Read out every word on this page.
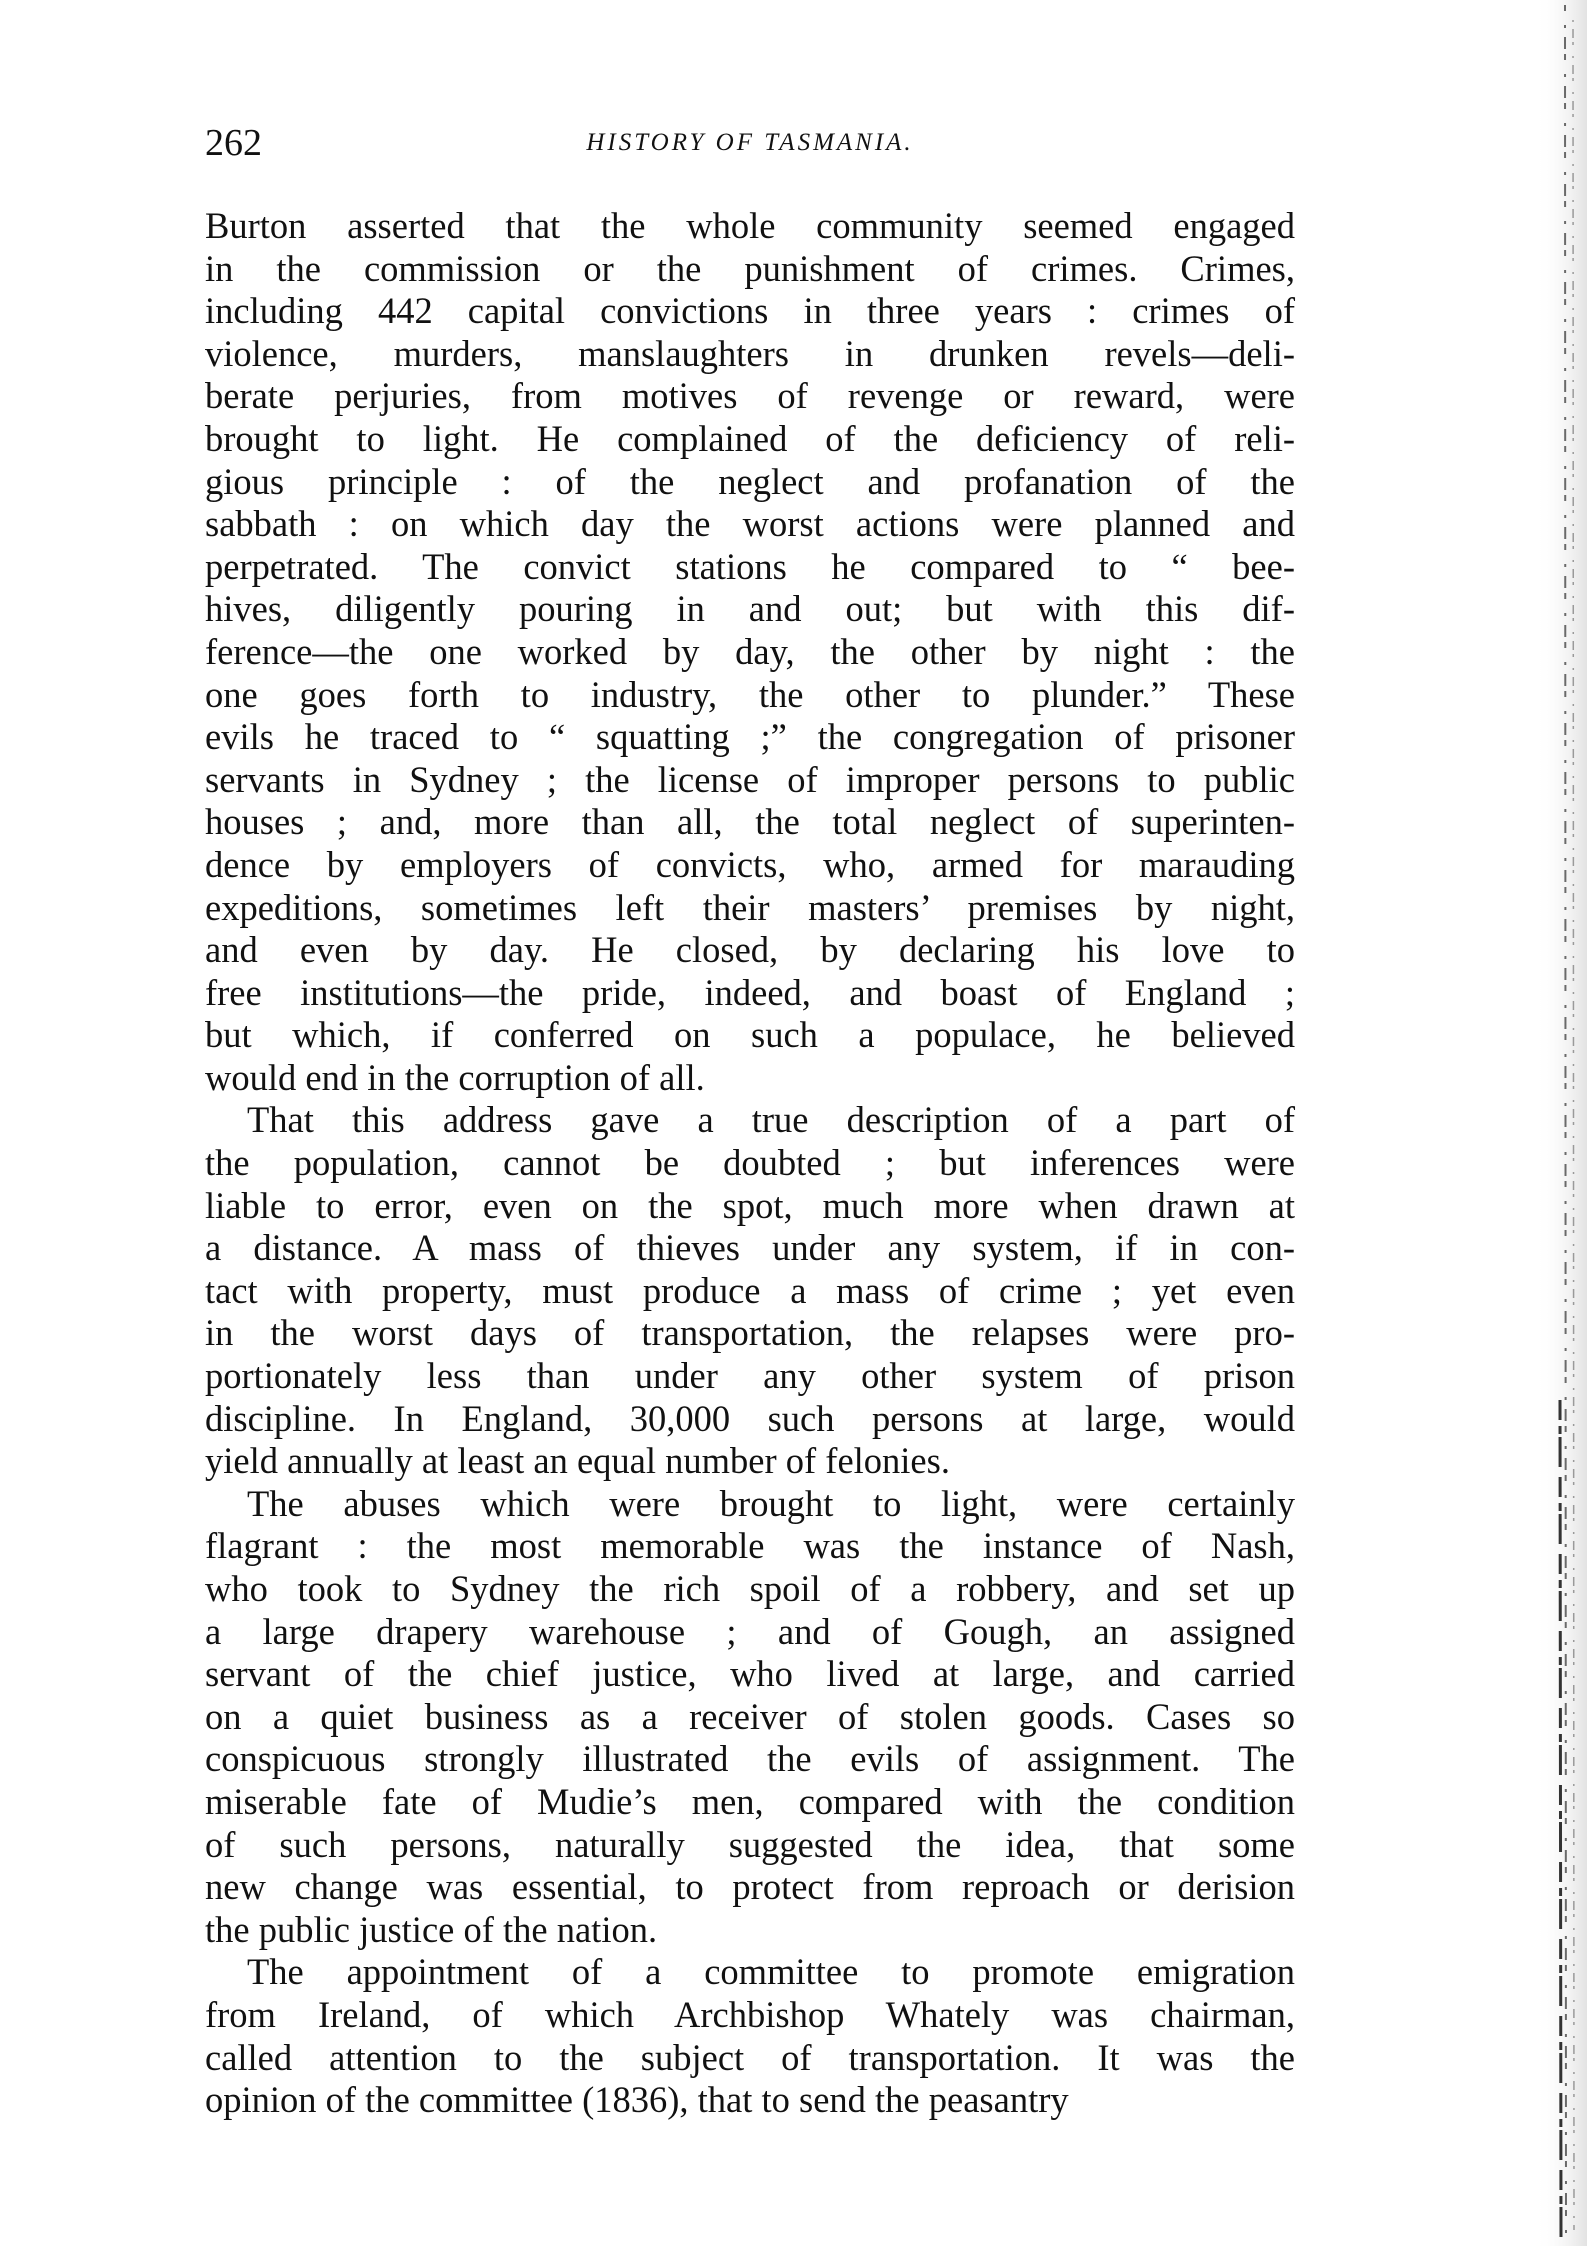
262	HISTORY OF TASMANIA.
Burton asserted that the whole community seemed engaged
in the commission or the punishment of crimes. Crimes,
including 442 capital convictions in three years : crimes of
violence, murders, manslaughters in drunken revels—deli-
berate perjuries, from motives of revenge or reward, were
brought to light. He complained of the deficiency of reli-
gious principle : of the neglect and profanation of the
sabbath : on which day the worst actions were planned and
perpetrated. The convict stations he compared to “ bee-
hives, diligently pouring in and out; but with this dif-
ference—the one worked by day, the other by night : the
one goes forth to industry, the other to plunder.” These
evils he traced to “ squatting ;” the congregation of prisoner
servants in Sydney ; the license of improper persons to public
houses ; and, more than all, the total neglect of superinten-
dence by employers of convicts, who, armed for marauding
expeditions, sometimes left their masters’ premises by night,
and even by day. He closed, by declaring his love to
free institutions—the pride, indeed, and boast of England ;
but which, if conferred on such a populace, he believed
would end in the corruption of all.
That this address gave a true description of a part of
the population, cannot be doubted ; but inferences were
liable to error, even on the spot, much more when drawn at
a distance. A mass of thieves under any system, if in con-
tact with property, must produce a mass of crime ; yet even
in the worst days of transportation, the relapses were pro-
portionately less than under any other system of prison
discipline. In England, 30,000 such persons at large, would
yield annually at least an equal number of felonies.
The abuses which were brought to light, were certainly
flagrant : the most memorable was the instance of Nash,
who took to Sydney the rich spoil of a robbery, and set up
a large drapery warehouse ; and of Gough, an assigned
servant of the chief justice, who lived at large, and carried
on a quiet business as a receiver of stolen goods. Cases so
conspicuous strongly illustrated the evils of assignment. The
miserable fate of Mudie’s men, compared with the condition
of such persons, naturally suggested the idea, that some
new change was essential, to protect from reproach or derision
the public justice of the nation.
The appointment of a committee to promote emigration
from Ireland, of which Archbishop Whately was chairman,
called attention to the subject of transportation. It was the
opinion of the committee (1836), that to send the peasantry
